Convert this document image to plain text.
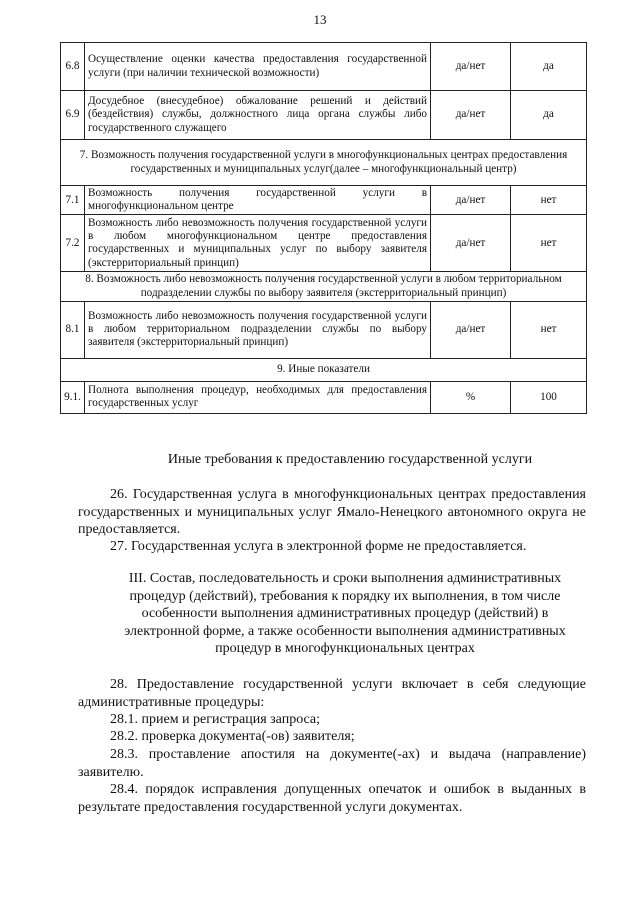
13
6.8	Осуществление оценки качества предоставления государственной услуги (при наличии технической возможности)	да/нет	да
6.9	Досудебное (внесудебное) обжалование решений и действий (бездействия) службы, должностного лица органа службы либо государственного служащего	да/нет	да
7. Возможность получения государственной услуги в многофункциональных центрах предоставления государственных и муниципальных услуг(далее – многофункциональный центр)			
7.1	Возможность получения государственной услуги в многофункциональном центре	да/нет	нет
7.2	Возможность либо невозможность получения государственной услуги в любом многофункциональном центре предоставления государственных и муниципальных услуг по выбору заявителя (экстерриториальный принцип)	да/нет	нет
8. Возможность либо невозможность получения государственной услуги в любом территориальном подразделении службы по выбору заявителя (экстерриториальный принцип)			
8.1	Возможность либо невозможность получения государственной услуги в любом территориальном подразделении службы по выбору заявителя (экстерриториальный принцип)	да/нет	нет
9. Иные показатели			
9.1.	Полнота выполнения процедур, необходимых для предоставления государственных услуг	%	100
Иные требования к предоставлению государственной услуги
26. Государственная услуга в многофункциональных центрах предоставления государственных и муниципальных услуг Ямало-Ненецкого автономного округа не предоставляется.
27. Государственная услуга в электронной форме не предоставляется.
III. Состав, последовательность и сроки выполнения административных процедур (действий), требования к порядку их выполнения, в том числе особенности выполнения административных процедур (действий) в электронной форме, а также особенности выполнения административных процедур в многофункциональных центрах
28. Предоставление государственной услуги включает в себя следующие административные процедуры:
28.1. прием и регистрация запроса;
28.2. проверка документа(-ов) заявителя;
28.3. проставление апостиля на документе(-ах) и выдача (направление) заявителю.
28.4. порядок исправления допущенных опечаток и ошибок в выданных в результате предоставления государственной услуги документах.
